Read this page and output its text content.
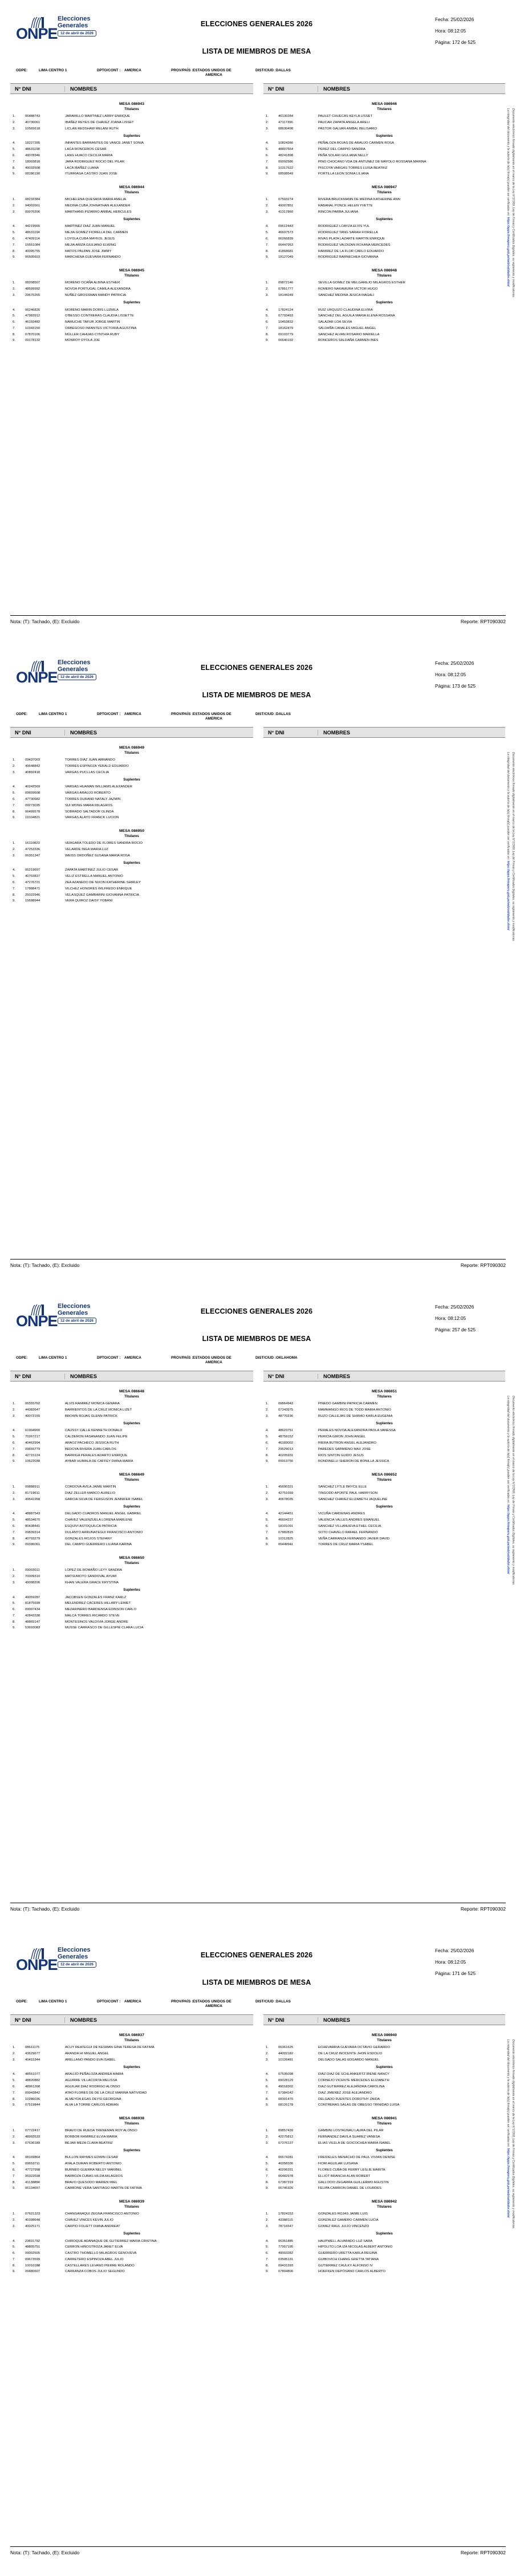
ONPE
Elecciones
Generales
12 de abril de 2026
ELECCIONES GENERALES 2026
LISTA DE MIEMBROS DE MESA
Fecha: 25/02/2026
Hora: 08:12:05
Página: 172 de 525
ODPE:	LIMA CENTRO 1	DPTO/CONT : AMERICA	PROV/PAÍS : ESTADOS UNIDOS DE
AMERICA
DIST/CIUD : DALLAS
N° DNI	NOMBRES
MESA 086943
Titulares
1.	06488743	JARAMILLO MARTINEZ LARRY ENRIQUE
2.	40730061	IBAÑEZ REYES DE CHAVEZ JOANA LISSET
3.	10565618	LICLAN REDSHAW MELANI RUTH
Suplentes
4.	18227395	INFANTES BARRANTES DE VANCE JANET SONIA
5.	48631198	LACA RONCEROS CESAR
6.	49078346	LANG HUACO CECILIA MARIA
7.	18003818	JARA RODRIGUEZ ROCIO DEL PILAR
8.	49032508	LACA IBAÑEZ LUANA
9.	08186190	ITURRIAGA CASTRO JUAN JOSE
MESA 086944
Titulares
1.	08232384	MICHELENA QUESADA MARIA AMELIA
2.	94002661	MEDINA CUBA JOHNATHAN ALEXANDER
3.	09976206	MARTHANS PIZARRO ANIBAL HERCULES
Suplentes
4.	44219565	MARTINEZ DIAZ JUAN MANUEL
5.	48631194	MEJIA GOMEZ FIORELLA DEL CARMEN
6.	47409114	LOYOLA CUBA MAYKOL JESUS
7.	15651084	MEJIA ARIZA GIULIANO ELWING
8.	40095755	MATOS PALPAN JOSE JIMMY
9.	06505603	MARCHENA GUEVARA FERNANDO
MESA 086945
Titulares
1.	08208507	MORENO OCAÑA ALBINA ESTHER
2.	48599992	NOVOA PORTUGAL CAMILA ALEXANDRA
3.	29675265	NUÑEZ GROSSMAN MANDY PATRICIA
Suplentes
4.	06246826	MORENO MARIN DORIS LUZMILA
5.	47983912	O'BESSO CONTRERAS CLAUDIA LISSETTE
6.	46193482	NAMUCHE TAFUR JORGE MARTIN
7.	10343150	ORBEGOSO INFANTES VICTORIA AGUSTINA
8.	07870106	MÜLLER CAHUAS CYNTHIA RUBY
9.	09178132	MONROY OYOLA JOE
N° DNI	NOMBRES
MESA 086946
Titulares
1.	46130284	PAULET CHUECAS KEYLA LISSET
2.	47117396	PAUCAR ZAPATA ANGELA ARELI
3.	08630498	PASTOR GALVAN ANIBAL BELISARIO
Suplentes
4.	10824266	PEÑALOZA ROJAS DE ARAUJO CARMEN ROSA
5.	48807664	PEREZ DEL CARPIO SANDRA
6.	48241898	PEÑA SOLARI GIULIANA NELLY
7.	09992586	PINO CHOCANO VDA DE ANTUNEZ DE MAYOLO ROSSANA MARINA
8.	10317522	PISCOYA VARGAS TORRES LUISA BEATRIZ
9.	08508549	PORTILLA LEON SONIA LILIANA
MESA 086947
Titulares
1.	07503274	RIVERA BRUCKMANN DE MEDINA KATHERINE ANN
2.	49007851	RABANAL PONCE HELEN YVETTE
3.	41317860	RINCON PARRA JULIANA
Suplentes
4.	09612443	RODRIGUEZ LOAYZA ELVIS YUL
5.	46697573	RODRIGUEZ TANG SARAH FIORELLA
6.	06266839	RIVAS PLATA LAZARTE MARTIN ENRIQUE
7.	06447953	RODRIGUEZ VALDIZAN ROXANA MERCEDES
8.	41868681	RAMIREZ DE LA FLOR CARLO EDUARDO
9.	18127049	RODRIGUEZ BARNECHEA GIOVANNA
MESA 086948
Titulares
1.	09872146	SEVILLA GOMEZ DE MELGAREJO MILAGROS ESTHER
2.	07851777	ROMERO NAKAMURA VICTOR HUGO
3.	18144249	SANCHEZ MEDINA JESICA MAGALI
Suplentes
4.	17824124	RUIZ URQUIZO CLAUDINA ELVIRA
5.	07793493	SANCHEZ DEL AGUILA MARIA ELENA ROSSANA
6.	10453832	SALAZAR LOA SILVIA
7.	18162479	SALDAÑA CANALES MIGUEL ANGEL
8.	09103779	SANCHEZ ALVAN ROSARIO MARIELLA
9.	06640192	RONCEROS SALDAÑA CARMEN INES
Documento electrónico firmado digitalmente en el marco de la Ley N°27269, Ley de Firmas y Certificados Digitales, su reglamento y modificatorias.
La integridad del documento y la autoría de la(s) firma(s) pueden ser verificadas en: https://apps.firmaperu.gob.pe/web/validador.xhtml
Nota: (T): Tachado, (E): Excluido	Reporte: RPT090302
ONPE
Elecciones
Generales
12 de abril de 2026
ELECCIONES GENERALES 2026
LISTA DE MIEMBROS DE MESA
Fecha: 25/02/2026
Hora: 08:12:05
Página: 173 de 525
ODPE:	LIMA CENTRO 1	DPTO/CONT : AMERICA	PROV/PAÍS : ESTADOS UNIDOS DE
AMERICA
DIST/CIUD : DALLAS
N° DNI	NOMBRES
MESA 086949
Titulares
1.	09437003	TORRES DIAZ JUAN ARMANDO
2.	49648842	TORRES ESPINOZA YERALD EDUARDO
3.	40892418	VARGAS PUCLLAS CECILIA
Suplentes
4.	40242569	VARGAS HUAMAN WILLIAMS ALEXANDER
5.	09609608	VARGAS ARAUJO ROBERTO
6.	47730682	TORRES DURAND NATALY JAZMIN
7.	09273035	SUI WONG MARIA MILAGROS
8.	06499578	SOBRADO SALTADOR OLINDA
9.	19104821	VARGAS ALAYO FRANCK LUCION
MESA 086950
Titulares
1.	16110823	VERGARA TOLEDO DE FLORES SANDRA ROCÍO
2.	47253336	VELARDE INGA MARIA LUZ
3.	06351347	WEISS ORDOÑEZ SUSANA MARIA ROSA
Suplentes
4.	06219697	ZAPATA MARTINEZ JULIO CESAR
5.	40703837	VELIZ ESTRELLA MANUEL ANTONIO
6.	47276721	ZEA AZANEDO DE NIXON KATHERINE SHIRLEY
7.	17888471	VILCHEZ HONORES WILFREDO ENRIQUE
8.	25022946	VELASQUEZ GAMBARINI GIOVANNA PATRICIA
9.	15698944	VERA QUIROZ DAISY YOBANI
N° DNI	NOMBRES
Documento electrónico firmado digitalmente en el marco de la Ley N°27269, Ley de Firmas y Certificados Digitales, su reglamento y modificatorias.
La integridad del documento y la autoría de la(s) firma(s) pueden ser verificadas en: https://apps.firmaperu.gob.pe/web/validador.xhtml
Nota: (T): Tachado, (E): Excluido	Reporte: RPT090302
ONPE
Elecciones
Generales
12 de abril de 2026
ELECCIONES GENERALES 2026
LISTA DE MIEMBROS DE MESA
Fecha: 25/02/2026
Hora: 08:12:05
Página: 257 de 525
ODPE:	LIMA CENTRO 1	DPTO/CONT : AMERICA	PROV/PAÍS : ESTADOS UNIDOS DE
AMERICA
DIST/CIUD : OKLAHOMA
N° DNI	NOMBRES
MESA 086648
Titulares
1.	06555762	ALVIS RAMIREZ MONICA GENARA
2.	44383647	BARRIENTOS DE LA CRUZ MONICA LIZET
3.	49072155	BROWN ROJAS GLENN PATRICK
Suplentes
4.	61904900	CAUSSY CALLE KENNETH DONALD
5.	70267217	CALDERON FASANANDO JUAN FELIPE
6.	40462994	ARAOZ PACHECO JESSICA RUTH
7.	09655779	BEDOYA RIVERA JUAN CARLOS
8.	42715124	BARRIGA PERALES ADARTO ENRIQUE
9.	10622038	AYBAR HUMALA DE CAFFEY DIANA MARÍA
MESA 086649
Titulares
1.	09888911	CORDOVA AVILA JAIME MARTIN
2.	81719611	DIAZ ZELLER MARCO AURELIO
3.	49641958	GARCIA SILVA DE FERGUSON JENNIFER ISABEL
Suplentes
4.	48887543	DELGADO CUADROS MANUEL ANGEL GABRIEL
5.	48534670	CHAVEZ VALENZUELA LORENA MARLENE
6.	80438441	ESQUIVI ASTOQUILCA PATRICIA
7.	09839314	DULANTO ARRUNATEGUI FRANCISCO ANTONIO
8.	40793279	GONZALES ROJOS STEFANY
9.	09336061	DEL CAMPO GUERRERO LILIANA KARINA
MESA 086650
Titulares
1.	09003011	LOPEZ DE ROMAÑO LEYY SANDRA
2.	70009310	MATSUMOTO SANDOVAL AYUMI
3.	49098206	KHAN VALERA GRACE KRYSTINA
Suplentes
4.	49059287	JACOBSEN GONZALES FRANZ KARLZ
5.	81875599	MELENDREZ CACERES HILLARY LEIMET
6.	09007434	MEZARINERO BARDIENSA EDINSON CARLO
7.	42843338	MALCA TORRES RICARDO STEVE
8.	48865147	MONTESINOS VALDIVIA JORGE ANDRE
9.	53693083	MUSSE CARRASCO DE GILLESPIE CLARA LUCIA
N° DNI	NOMBRES
MESA 086651
Titulares
1.	09864942	PINEDO GAMBINI PATRICIA CARMEN
2.	07343975	MAMMANGO RIOS DE TODD MARIA ANTONIO
3.	48770236	RUZO CALLEJAS DE SHIRAO KARLA EUGENIA
Suplentes
4.	48623751	PERALES NOVOA ALEXANDRA PAOLA VANESSA
5.	48759152	PERICIA GIRON JOHN ANGEL
6.	46183002	RIERA BUTRON ANGEL ALEJANDRO
7.	29529013	PAREDES SARMIENO MAX JOSE
8.	40205931	RIOS SINTON GUIDO JESUS
9.	09913756	RONDINELLI SHERON DE BONILLA JESSICA
MESA 086652
Titulares
1.	45690321	SANCHEZ LYTLE BRYCE ELLE
2.	42751659	TINGODD APONTE PAUL HARRYSON
3.	40678035	SANCHEZ CHAVEZ ELIZABETH JAQUELINE
Suplentes
4.	42144451	VICUÑA CARDENAS ANDRES
5.	46604237	VALENCIA VALLES ANDRES EMANUEL
6.	18101091	SANCHEZ VILLANUEVA ETHEL CECILIA
7.	07882815	SOTO CHAVELO RAFAEL FERNANDO
8.	10312825	VEÑA CARRANZA FERNANDO JAVIER DAVID
9.	06449941	TORRES DE CRUZ MARIA YSABEL	Documento electrónico firmado digitalmente en el marco de la Ley N°27269, Ley de Firmas y Certificados Digitales, su reglamento y modificatorias.
La integridad del documento y la autoría de la(s) firma(s) pueden ser verificadas en: https://apps.firmaperu.gob.pe/web/validador.xhtml
Nota: (T): Tachado, (E): Excluido	Reporte: RPT090302
ONPE
Elecciones
Generales
12 de abril de 2026
ELECCIONES GENERALES 2026
LISTA DE MIEMBROS DE MESA
Fecha: 25/02/2026
Hora: 08:12:05
Página: 171 de 525
ODPE:	LIMA CENTRO 1	DPTO/CONT : AMERICA	PROV/PAÍS : ESTADOS UNIDOS DE
AMERICA
DIST/CIUD : DALLAS
N° DNI	NOMBRES
MESA 086937
Titulares
1.	08611175	ACUY REATEGUI DE KESMAN GINA TERESA DE FATIMA
2.	43629677	ARANDA HI MIGUEL ANGEL
3.	40415344	ARELLANO PANDO EVA ISABEL
Suplentes
4.	48551077	ARAUJO PEÑALOZA ANDREA MARIA
5.	48820882	AGUIRRE VILLACORTA MELISSA
6.	48961268	AGUILAR DIAZ RODRIGO ALONSO
7.	09943842	ATAO FLORES DE DE LA CRUZ MARINA NATIVIDAD
8.	10286036	ALMEYDA EGAS DEYSI GEORGINA
9.	07519844	ALVA LA TORRE CARLOS ADRIAN
MESA 086938
Titulares
1.	07722417	BRAVO DE RUEDA TRENEMAN ROY ALONSO
2.	48992633	BORBOR RAMIREZ ELVIA MARIA
3.	07636189	BEJAR MEZA CLARA BEATRIZ
Suplentes
4.	08169864	BULLON RAYMES EDWIN CESAR
5.	09653711	AYALA DURAN ROBERTO ANTONIO
6.	47727998	BURNEO GUERRA NELSY MARIBEL
7.	06322698	BARBOZA CUBAS HILDA MILAGROS
8.	41138884	BRAVO QUESODO MARIEN MIEL
9.	06134657	CARBONE VERA SANTIAGO MARTIN DE FATIMA
MESA 086939
Titulares
1.	07621323	CHANGANAQUI ZEGNA FRANCISCO ANTONIO
2.	40338648	CHAVEZ VINCES KEVIN JULIO
3.	40025171	CARPIO FOLIETT DIANA ANDREAT
Suplentes
4.	23831792	CHIROQUE ADANAQUE DE GUTIERREZ MARIA CRISTINA
5.	48805751	CERRON HINOSTROZA JANET ELVA
6.	09002505	CASTRO THOMELLO MILAGROS GENOVEVA
7.	09673599	CARRETERO ESPINOZA ABEL JULIO
8.	10010188	CASTELLARES LEVANO PIERRE ROLANDO
9.	09480607	CARRANZA COBOS JULIO SEGUNDO
N° DNI	NOMBRES
MESA 086940
Titulares
1.	06361625	ECHEVARRIA GUEVARA OCTAVIO GERARDO
2.	44002182	DE LA CRUZ INOCENTE JHON ESDOLIO
3.	10126481	DELGADO SALAS EDGARDO MANUEL
Suplentes
4.	07535098	DIAZ DIAZ DE SCHLANKERTZ IRENE NANCY
5.	09028129	CORNEJO VICENTE MERCEDES ELIZABETH
6.	49018302	DIAZ GUTIERREZ ALEJANDRA CAROLINA
7.	07384142	DIAZ JIMENEZ JOSE ALEJANDRO
8.	08301470	DELGADO FUENTES DOROTHY ZAIDA
9.	08126178	CONTRERAS SALAS DE OBEGSO TRINIDAD LUISA
MESA 086941
Titulares
1.	09857439	GAMBINI LOSTAUNAU LAURA DEL PILAR
2.	42275812	FERNANDEZ DAVILA SUAREZ VANESA
3.	07376137	ELIAS VILELA DE GOICOCHEA MARIA ISABEL
Suplentes
4.	06674281	FREIDELES MENACHO DE PAUL VIVIAN DENISE
5.	40058336	FIORI AGUILAR LUISANA
6.	40206331	FLORES CUBA DE FERRY LESLIE MARITA
7.	06482978	ELLIOT BRANCHI ALAN ROBERT
8.	07387319	GALLOCIO ZEGARRA GUILLERMO AGUSTIN
9.	06745326	FELIPA CARRION DANIEL DE LOURDES
MESA 086942
Titulares
1.	17824153	GONZALES ROJAS JAIME LUIS
2.	43388115	GONZALEZ GAMERO CARMEN LUCIA
3.	78716547	GOMEZ RAUL JULIO VINCENZO
Suplentes
4.	06351885	HAUPWELL ALVARADO LUZ SARA
5.	77957195	HIPOLITO LOA IZA NICOLAS ALBERT ANTONIO
6.	49003282	GUERRERO URETTA KARLA REGINA
7.	03505131	GUIBOVICH CHANG GRETTA TATIANA
8.	09431593	GUTIERREZ CAULKY ALFONSO IV
9.	07804806	HOEFKEN DEPÓSANO CARLOS ALBERTO
Documento electrónico firmado digitalmente en el marco de la Ley N°27269, Ley de Firmas y Certificados Digitales, su reglamento y modificatorias.
La integridad del documento y la autoría de la(s) firma(s) pueden ser verificadas en: https://apps.firmaperu.gob.pe/web/validador.xhtml
Nota: (T): Tachado, (E): Excluido	Reporte: RPT090302
